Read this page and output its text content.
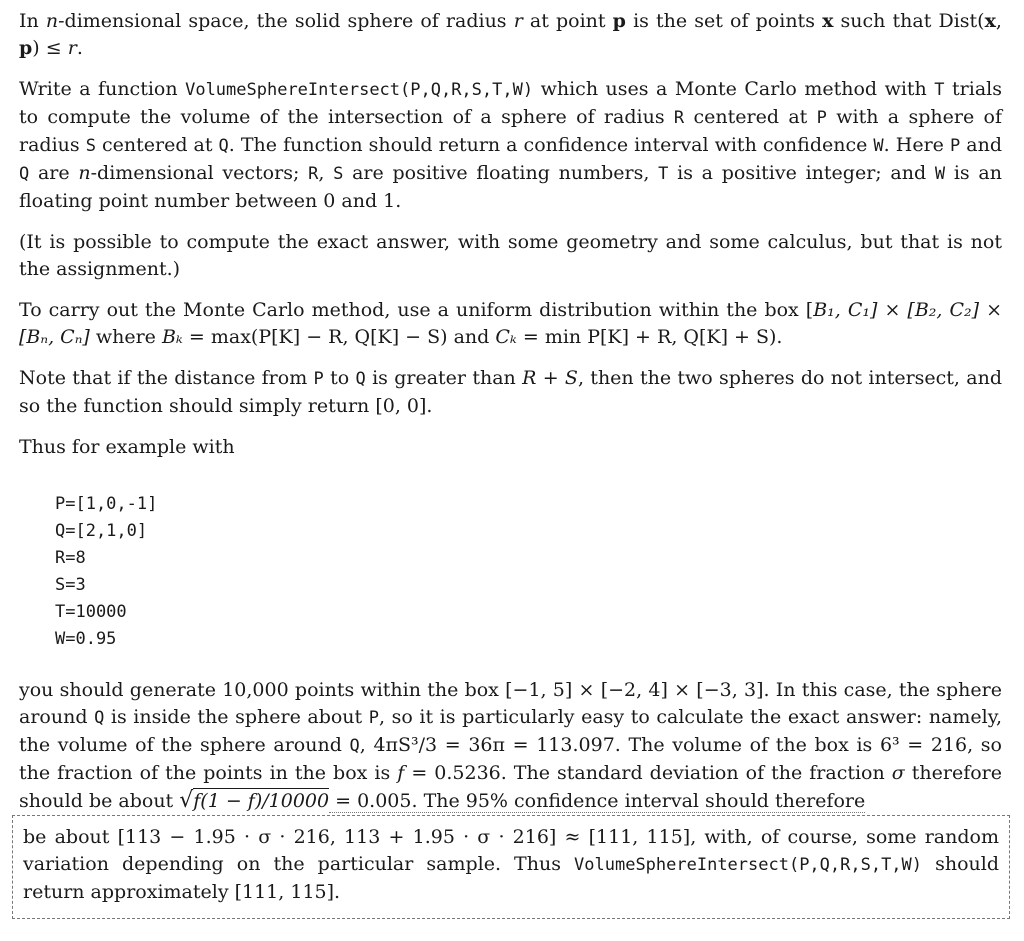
In n-dimensional space, the solid sphere of radius r at point p is the set of points x such that Dist(x, p) ≤ r.

Write a function VolumeSphereIntersect(P,Q,R,S,T,W) which uses a Monte Carlo method with T trials to compute the volume of the intersection of a sphere of radius R centered at P with a sphere of radius S centered at Q. The function should return a confidence interval with confidence W. Here P and Q are n-dimensional vectors; R, S are positive floating numbers, T is a positive integer; and W is an floating point number between 0 and 1.

(It is possible to compute the exact answer, with some geometry and some calculus, but that is not the assignment.)

To carry out the Monte Carlo method, use a uniform distribution within the box [B₁, C₁] × [B₂, C₂] × [Bₙ, Cₙ] where Bₖ = max(P[K] − R, Q[K] − S) and Cₖ = min P[K] + R, Q[K] + S).

Note that if the distance from P to Q is greater than R + S, then the two spheres do not intersect, and so the function should simply return [0, 0].

Thus for example with

P=[1,0,-1]
Q=[2,1,0]
R=8
S=3
T=10000
W=0.95

you should generate 10,000 points within the box [−1, 5] × [−2, 4] × [−3, 3]. In this case, the sphere around Q is inside the sphere about P, so it is particularly easy to calculate the exact answer: namely, the volume of the sphere around Q, 4πS³/3 = 36π = 113.097. The volume of the box is 6³ = 216, so the fraction of the points in the box is f = 0.5236. The standard deviation of the fraction σ therefore should be about √f(1 − f)/10000 = 0.005. The 95% confidence interval should therefore

be about [113 − 1.95 · σ · 216, 113 + 1.95 · σ · 216] ≈ [111, 115], with, of course, some random variation depending on the particular sample. Thus VolumeSphereIntersect(P,Q,R,S,T,W) should return approximately [111, 115].
